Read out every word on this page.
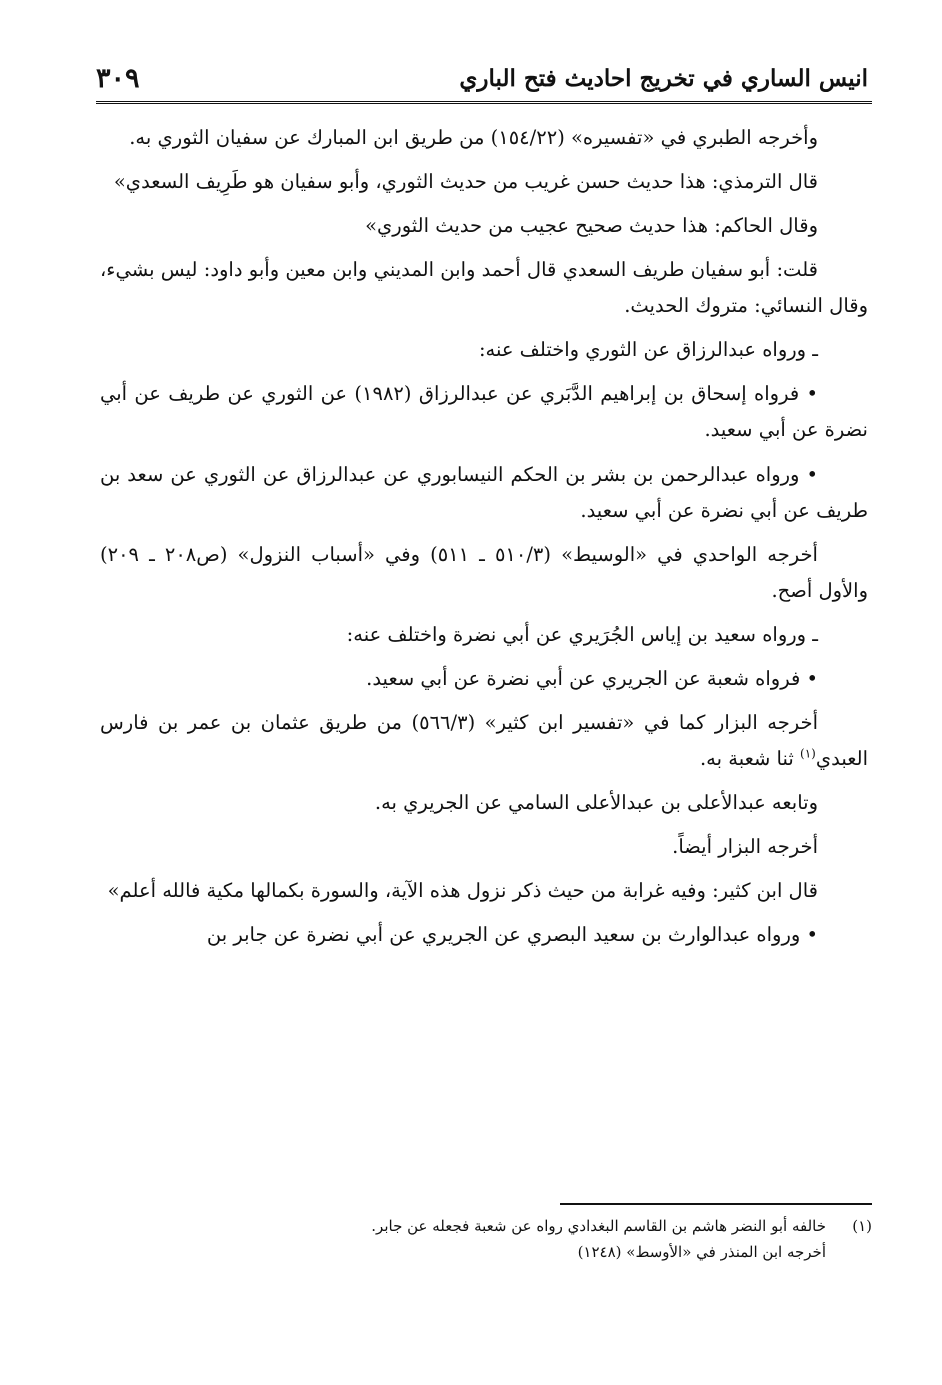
انيس الساري في تخريج احاديث فتح الباري
٣٠٩

وأخرجه الطبري في «تفسيره» (١٥٤/٢٢) من طريق ابن المبارك عن سفيان الثوري به.

قال الترمذي: هذا حديث حسن غريب من حديث الثوري، وأبو سفيان هو طَرِيف السعدي»

وقال الحاكم: هذا حديث صحيح عجيب من حديث الثوري»

قلت: أبو سفيان طريف السعدي قال أحمد وابن المديني وابن معين وأبو داود: ليس بشيء، وقال النسائي: متروك الحديث.

ـ ورواه عبدالرزاق عن الثوري واختلف عنه:

• فرواه إسحاق بن إبراهيم الدَّبَري عن عبدالرزاق (١٩٨٢) عن الثوري عن طريف عن أبي نضرة عن أبي سعيد.

• ورواه عبدالرحمن بن بشر بن الحكم النيسابوري عن عبدالرزاق عن الثوري عن سعد بن طريف عن أبي نضرة عن أبي سعيد.

أخرجه الواحدي في «الوسيط» (٥١٠/٣ ـ ٥١١) وفي «أسباب النزول» (ص٢٠٨ ـ ٢٠٩) والأول أصح.

ـ ورواه سعيد بن إياس الجُرَيري عن أبي نضرة واختلف عنه:

• فرواه شعبة عن الجريري عن أبي نضرة عن أبي سعيد.

أخرجه البزار كما في «تفسير ابن كثير» (٥٦٦/٣) من طريق عثمان بن عمر بن فارس العبدي$^{(١)}$ ثنا شعبة به.

وتابعه عبدالأعلى بن عبدالأعلى السامي عن الجريري به.

أخرجه البزار أيضاً.

قال ابن كثير: وفيه غرابة من حيث ذكر نزول هذه الآية، والسورة بكمالها مكية فالله أعلم»

• ورواه عبدالوارث بن سعيد البصري عن الجريري عن أبي نضرة عن جابر بن

(١)
خالفه أبو النضر هاشم بن القاسم البغدادي رواه عن شعبة فجعله عن جابر.
أخرجه ابن المنذر في «الأوسط» (١٢٤٨)
